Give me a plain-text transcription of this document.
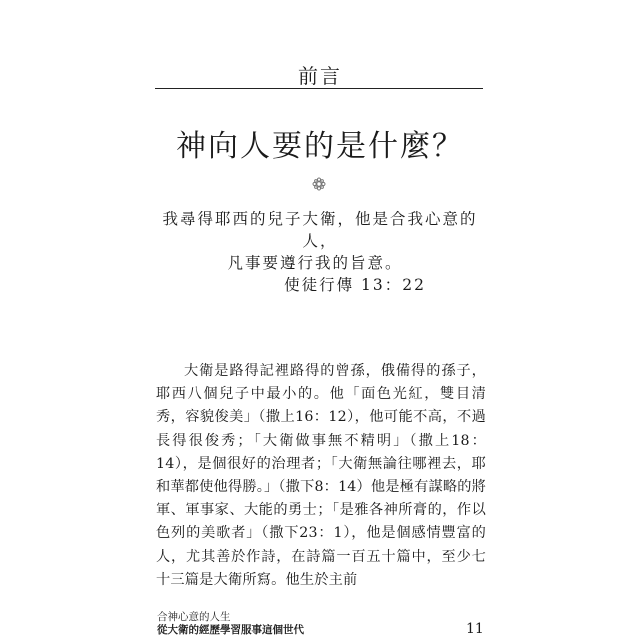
前言
神向人要的是什麼？
我尋得耶西的兒子大衛，他是合我心意的人，
凡事要遵行我的旨意。
使徒行傳 13：22
大衛是路得記裡路得的曾孫，俄備得的孫子，耶西八個兒子中最小的。他「面色光紅，雙目清秀，容貌俊美」（撒上16：12），他可能不高，不過長得很俊秀；「大衛做事無不精明」（撒上18：14），是個很好的治理者；「大衛無論往哪裡去，耶和華都使他得勝。」（撒下8：14）他是極有謀略的將軍、軍事家、大能的勇士；「是雅各神所膏的，作以色列的美歌者」（撒下23：1），他是個感情豐富的人，尤其善於作詩，在詩篇一百五十篇中，至少七十三篇是大衛所寫。他生於主前
合神心意的人生
從大衛的經歷學習服事這個世代	11
